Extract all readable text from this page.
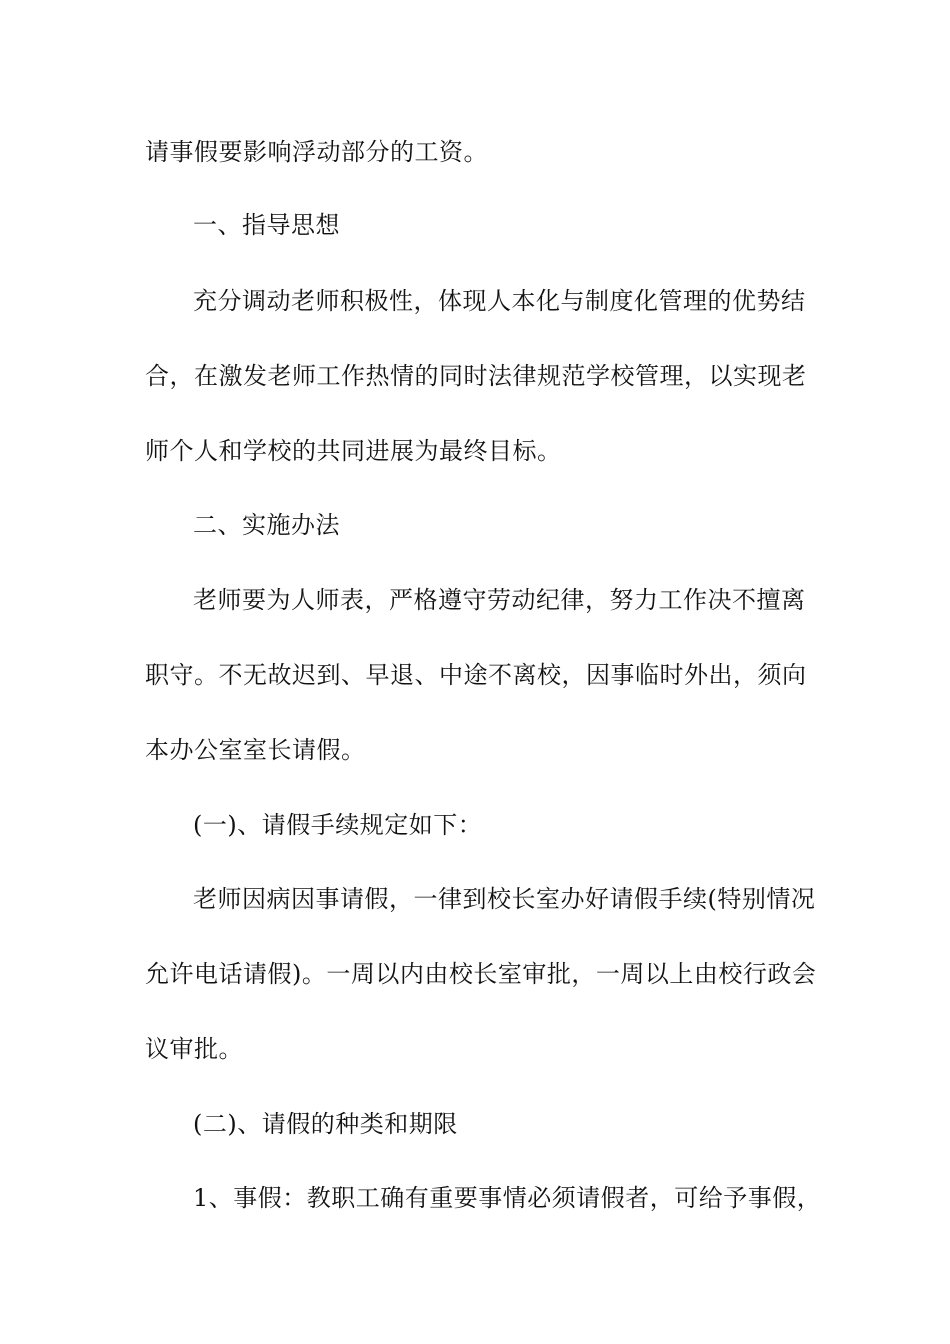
请事假要影响浮动部分的工资。
一、指导思想
充分调动老师积极性，体现人本化与制度化管理的优势结
合，在激发老师工作热情的同时法律规范学校管理，以实现老
师个人和学校的共同进展为最终目标。
二、实施办法
老师要为人师表，严格遵守劳动纪律，努力工作决不擅离
职守。不无故迟到、早退、中途不离校，因事临时外出，须向
本办公室室长请假。
(一)、请假手续规定如下：
老师因病因事请假，一律到校长室办好请假手续(特别情况
允许电话请假)。一周以内由校长室审批，一周以上由校行政会
议审批。
(二)、请假的种类和期限
1、事假：教职工确有重要事情必须请假者，可给予事假，
